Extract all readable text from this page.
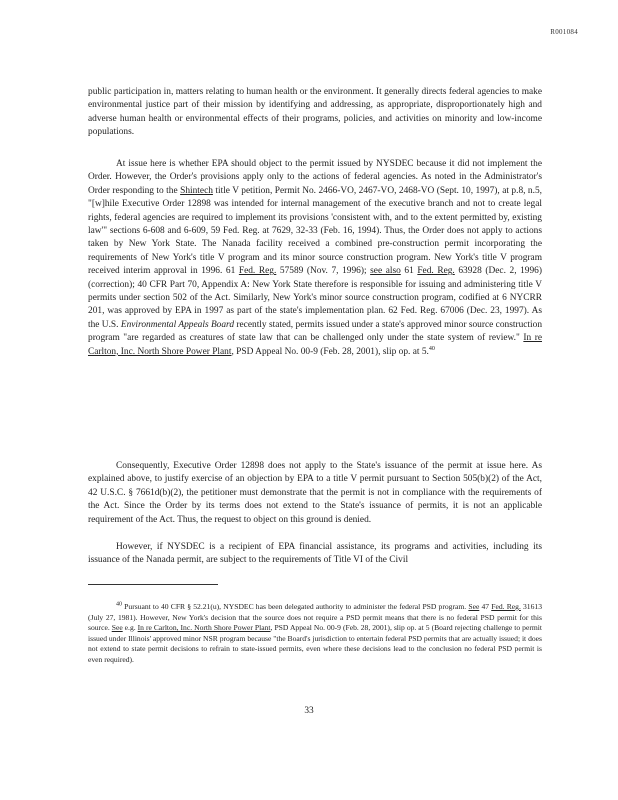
R001084
public participation in, matters relating to human health or the environment. It generally directs federal agencies to make environmental justice part of their mission by identifying and addressing, as appropriate, disproportionately high and adverse human health or environmental effects of their programs, policies, and activities on minority and low-income populations.
At issue here is whether EPA should object to the permit issued by NYSDEC because it did not implement the Order. However, the Order's provisions apply only to the actions of federal agencies. As noted in the Administrator's Order responding to the Shintech title V petition, Permit No. 2466-VO, 2467-VO, 2468-VO (Sept. 10, 1997), at p.8, n.5, "[w]hile Executive Order 12898 was intended for internal management of the executive branch and not to create legal rights, federal agencies are required to implement its provisions 'consistent with, and to the extent permitted by, existing law'" sections 6-608 and 6-609, 59 Fed. Reg. at 7629, 32-33 (Feb. 16, 1994). Thus, the Order does not apply to actions taken by New York State. The Nanada facility received a combined pre-construction permit incorporating the requirements of New York's title V program and its minor source construction program. New York's title V program received interim approval in 1996. 61 Fed. Reg. 57589 (Nov. 7, 1996); see also 61 Fed. Reg. 63928 (Dec. 2, 1996) (correction); 40 CFR Part 70, Appendix A: New York State therefore is responsible for issuing and administering title V permits under section 502 of the Act. Similarly, New York's minor source construction program, codified at 6 NYCRR 201, was approved by EPA in 1997 as part of the state's implementation plan. 62 Fed. Reg. 67006 (Dec. 23, 1997). As the U.S. Environmental Appeals Board recently stated, permits issued under a state's approved minor source construction program "are regarded as creatures of state law that can be challenged only under the state system of review." In re Carlton, Inc. North Shore Power Plant, PSD Appeal No. 00-9 (Feb. 28, 2001), slip op. at 5.40
Consequently, Executive Order 12898 does not apply to the State's issuance of the permit at issue here. As explained above, to justify exercise of an objection by EPA to a title V permit pursuant to Section 505(b)(2) of the Act, 42 U.S.C. § 7661d(b)(2), the petitioner must demonstrate that the permit is not in compliance with the requirements of the Act. Since the Order by its terms does not extend to the State's issuance of permits, it is not an applicable requirement of the Act. Thus, the request to object on this ground is denied.
However, if NYSDEC is a recipient of EPA financial assistance, its programs and activities, including its issuance of the Nanada permit, are subject to the requirements of Title VI of the Civil
$^{40}$ Pursuant to 40 CFR § 52.21(u), NYSDEC has been delegated authority to administer the federal PSD program. See 47 Fed. Reg. 31613 (July 27, 1981). However, New York's decision that the source does not require a PSD permit means that there is no federal PSD permit for this source. See e.g. In re Carlton, Inc. North Shore Power Plant, PSD Appeal No. 00-9 (Feb. 28, 2001), slip op. at 5 (Board rejecting challenge to permit issued under Illinois' approved minor NSR program because "the Board's jurisdiction to entertain federal PSD permits that are actually issued; it does not extend to state permit decisions to refrain to state-issued permits, even where these decisions lead to the conclusion no federal PSD permit is even required).
33
